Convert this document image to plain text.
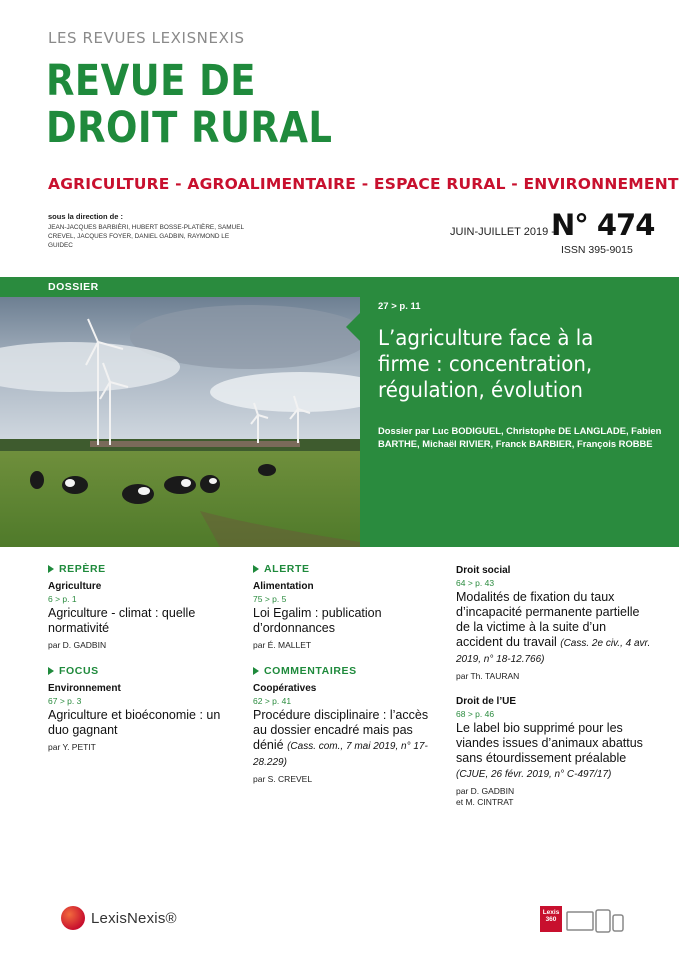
LES REVUES LEXISNEXIS
REVUE DE
DROIT RURAL
AGRICULTURE - AGROALIMENTAIRE - ESPACE RURAL - ENVIRONNEMENT
sous la direction de :
JEAN-JACQUES BARBIÈRI, HUBERT BOSSE-PLATIÈRE, SAMUEL CREVEL, JACQUES FOYER, DANIEL GADBIN, RAYMOND LE GUIDEC
JUIN-JUILLET 2019 -
N° 474
ISSN 395-9015
DOSSIER
27 > p. 11
L’agriculture face à la firme : concentration, régulation, évolution
Dossier par Luc BODIGUEL, Christophe DE LANGLADE, Fabien BARTHE, Michaël RIVIER, Franck BARBIER, François ROBBE
REPÈRE
Agriculture
6 > p. 1
Agriculture - climat : quelle normativité
par D. GADBIN
FOCUS
Environnement
67 > p. 3
Agriculture et bioéconomie : un duo gagnant
par Y. PETIT
ALERTE
Alimentation
75 > p. 5
Loi Egalim : publication d’ordonnances
par É. MALLET
COMMENTAIRES
Coopératives
62 > p. 41
Procédure disciplinaire : l’accès au dossier encadré mais pas dénié (Cass. com., 7 mai 2019, n° 17-28.229)
par S. CREVEL
Droit social
64 > p. 43
Modalités de fixation du taux d’incapacité permanente partielle de la victime à la suite d’un accident du travail (Cass. 2e civ., 4 avr. 2019, n° 18-12.766)
par Th. TAURAN
Droit de l’UE
68 > p. 46
Le label bio supprimé pour les viandes issues d’animaux abattus sans étourdissement préalable (CJUE, 26 févr. 2019, n° C-497/17)
par D. GADBIN
et M. CINTRAT
LexisNexis®	Lexis
360
